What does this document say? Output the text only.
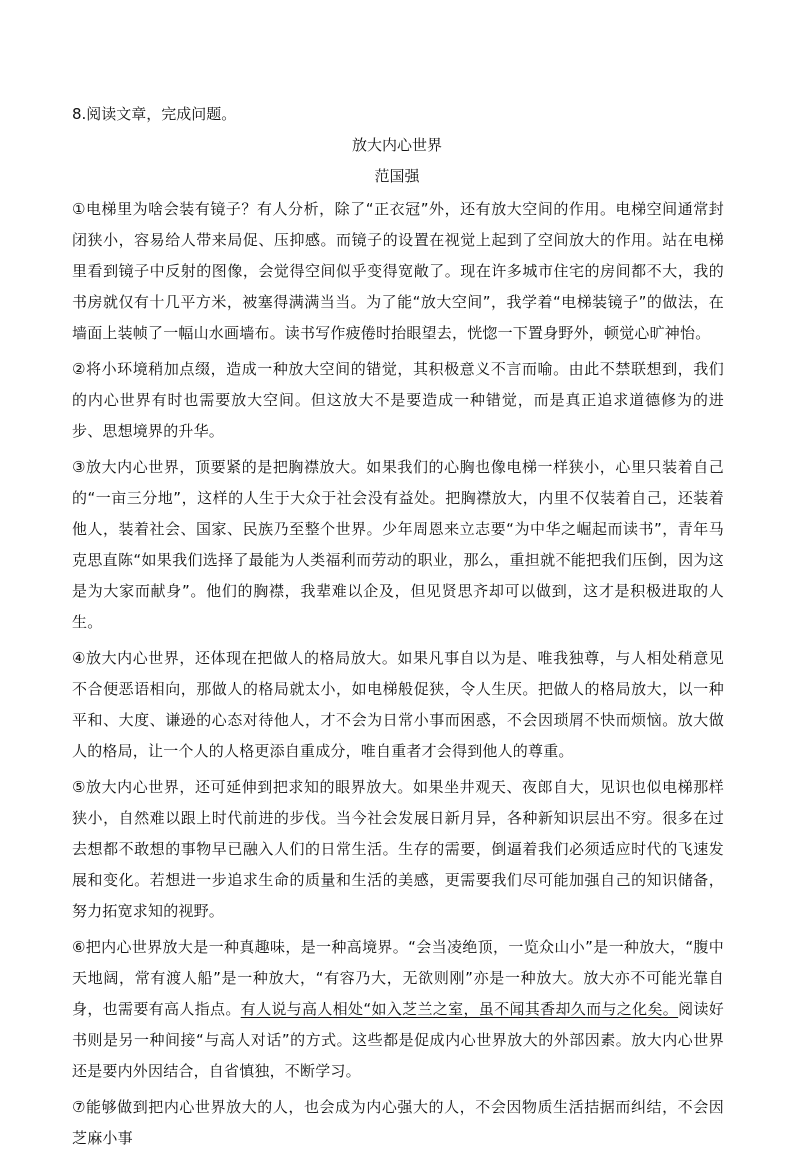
8.阅读文章，完成问题。

放大内心世界

范国强

①电梯里为啥会装有镜子？有人分析，除了“正衣冠”外，还有放大空间的作用。电梯空间通常封闭狭小，容易给人带来局促、压抑感。而镜子的设置在视觉上起到了空间放大的作用。站在电梯里看到镜子中反射的图像，会觉得空间似乎变得宽敞了。现在许多城市住宅的房间都不大，我的书房就仅有十几平方米，被塞得满满当当。为了能“放大空间”，我学着“电梯装镜子”的做法，在墙面上装帧了一幅山水画墙布。读书写作疲倦时抬眼望去，恍惚一下置身野外，顿觉心旷神怡。

②将小环境稍加点缀，造成一种放大空间的错觉，其积极意义不言而喻。由此不禁联想到，我们的内心世界有时也需要放大空间。但这放大不是要造成一种错觉，而是真正追求道德修为的进步、思想境界的升华。

③放大内心世界，顶要紧的是把胸襟放大。如果我们的心胸也像电梯一样狭小，心里只装着自己的“一亩三分地”，这样的人生于大众于社会没有益处。把胸襟放大，内里不仅装着自己，还装着他人，装着社会、国家、民族乃至整个世界。少年周恩来立志要“为中华之崛起而读书”，青年马克思直陈“如果我们选择了最能为人类福利而劳动的职业，那么，重担就不能把我们压倒，因为这是为大家而献身”。他们的胸襟，我辈难以企及，但见贤思齐却可以做到，这才是积极进取的人生。

④放大内心世界，还体现在把做人的格局放大。如果凡事自以为是、唯我独尊，与人相处稍意见不合便恶语相向，那做人的格局就太小，如电梯般促狭，令人生厌。把做人的格局放大，以一种平和、大度、谦逊的心态对待他人，才不会为日常小事而困惑，不会因琐屑不快而烦恼。放大做人的格局，让一个人的人格更添自重成分，唯自重者才会得到他人的尊重。

⑤放大内心世界，还可延伸到把求知的眼界放大。如果坐井观天、夜郎自大，见识也似电梯那样狭小，自然难以跟上时代前进的步伐。当今社会发展日新月异，各种新知识层出不穷。很多在过去想都不敢想的事物早已融入人们的日常生活。生存的需要，倒逼着我们必须适应时代的飞速发展和变化。若想进一步追求生命的质量和生活的美感，更需要我们尽可能加强自己的知识储备，努力拓宽求知的视野。

⑥把内心世界放大是一种真趣味，是一种高境界。“会当凌绝顶，一览众山小”是一种放大，“腹中天地阔，常有渡人船”是一种放大，“有容乃大，无欲则刚”亦是一种放大。放大亦不可能光靠自身，也需要有高人指点。有人说与高人相处“如入芝兰之室，虽不闻其香却久而与之化矣。阅读好书则是另一种间接“与高人对话”的方式。这些都是促成内心世界放大的外部因素。放大内心世界还是要内外因结合，自省慎独，不断学习。

⑦能够做到把内心世界放大的人，也会成为内心强大的人，不会因物质生活拮据而纠结，不会因芝麻小事
